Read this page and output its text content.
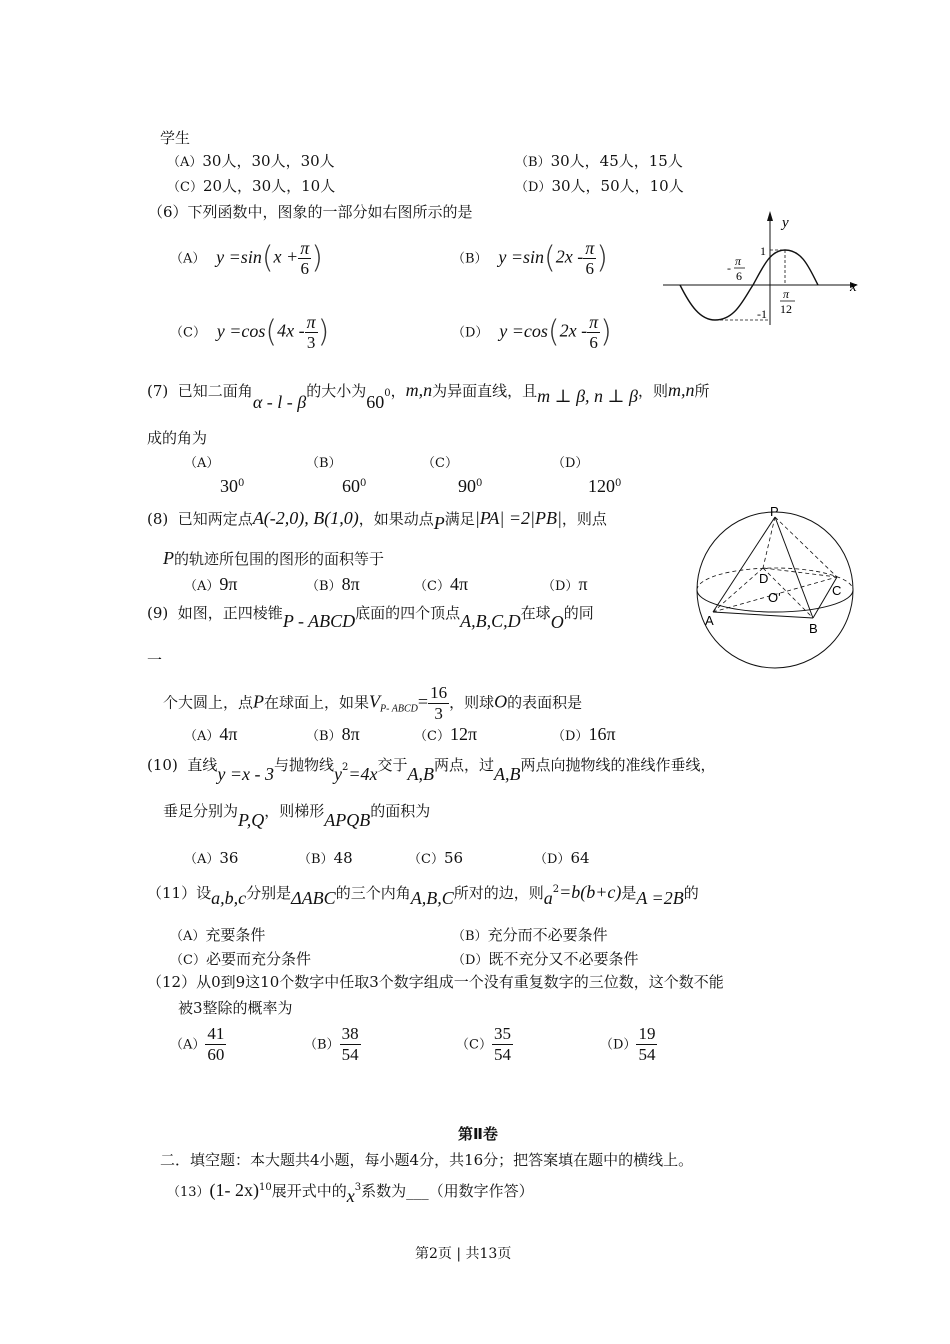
学生
（A）30人，30人，30人	（B）30人，45人，15人
（C）20人，30人，10人	（D）30人，50人，10人
（6）下列函数中，图象的一部分如右图所示的是
（A） $y =\sin(x + \frac{\pi}{6}$ )	（B） $y =\sin(2x - \frac{\pi}{6}$ )
（C） $y =\cos(4x - \frac{\pi}{3}$ )	（D） $y =\cos(2x - \frac{\pi}{6}$ )
y
x
1
-1
- π
6
π
12
(7) 已知二面角α - l - β的大小为$60^0$，m,n为异面直线，且m ⊥ β, n ⊥ β，则m,n所
成的角为
（A）
$30^0$
（B）
$60^0$
（C）
$90^0$
（D）
$120^0$
(8) 已知两定点A(-2,0), B(1,0)，如果动点P满足|PA| =2|PB|，则点
P的轨迹所包围的图形的面积等于
（A）9π	（B）8π	（C）4π	（D）π
P
D
C
O'
A
B
(9) 如图，正四棱锥P - ABCD底面的四个顶点A,B,C,D在球O的同
一
个大圆上，点P在球面上，如果$V_{P- ABCD}= \frac{16}{3}$ ，则球O的表面积是
（A）4π	（B）8π	（C）12π	（D）16π
(10) 直线y =x - 3与抛物线$y^2=4x$交于A,B两点，过A,B两点向抛物线的准线作垂线，
垂足分别为P,Q，则梯形APQB的面积为
（A）36	（B）48	（C）56	（D）64
（11）设a,b,c分别是ΔABC的三个内角A,B,C所对的边，则$a^2=b(b+c)$是A =2B的
（A）充要条件	（B）充分而不必要条件
（C）必要而充分条件	（D）既不充分又不必要条件
（12）从0到9这10个数字中任取3个数字组成一个没有重复数字的三位数，这个数不能
被3整除的概率为
$(A) \frac{41}{60}$	$(B) \frac{38}{54}$	$(C) \frac{35}{54}$	$(D) \frac{19}{54}$
第Ⅱ卷
二．填空题：本大题共4小题，每小题4分，共16分；把答案填在题中的横线上。
（13）(1- 2x)$^{10}$展开式中的$x^3$系数为___（用数字作答）
第2页 | 共13页
